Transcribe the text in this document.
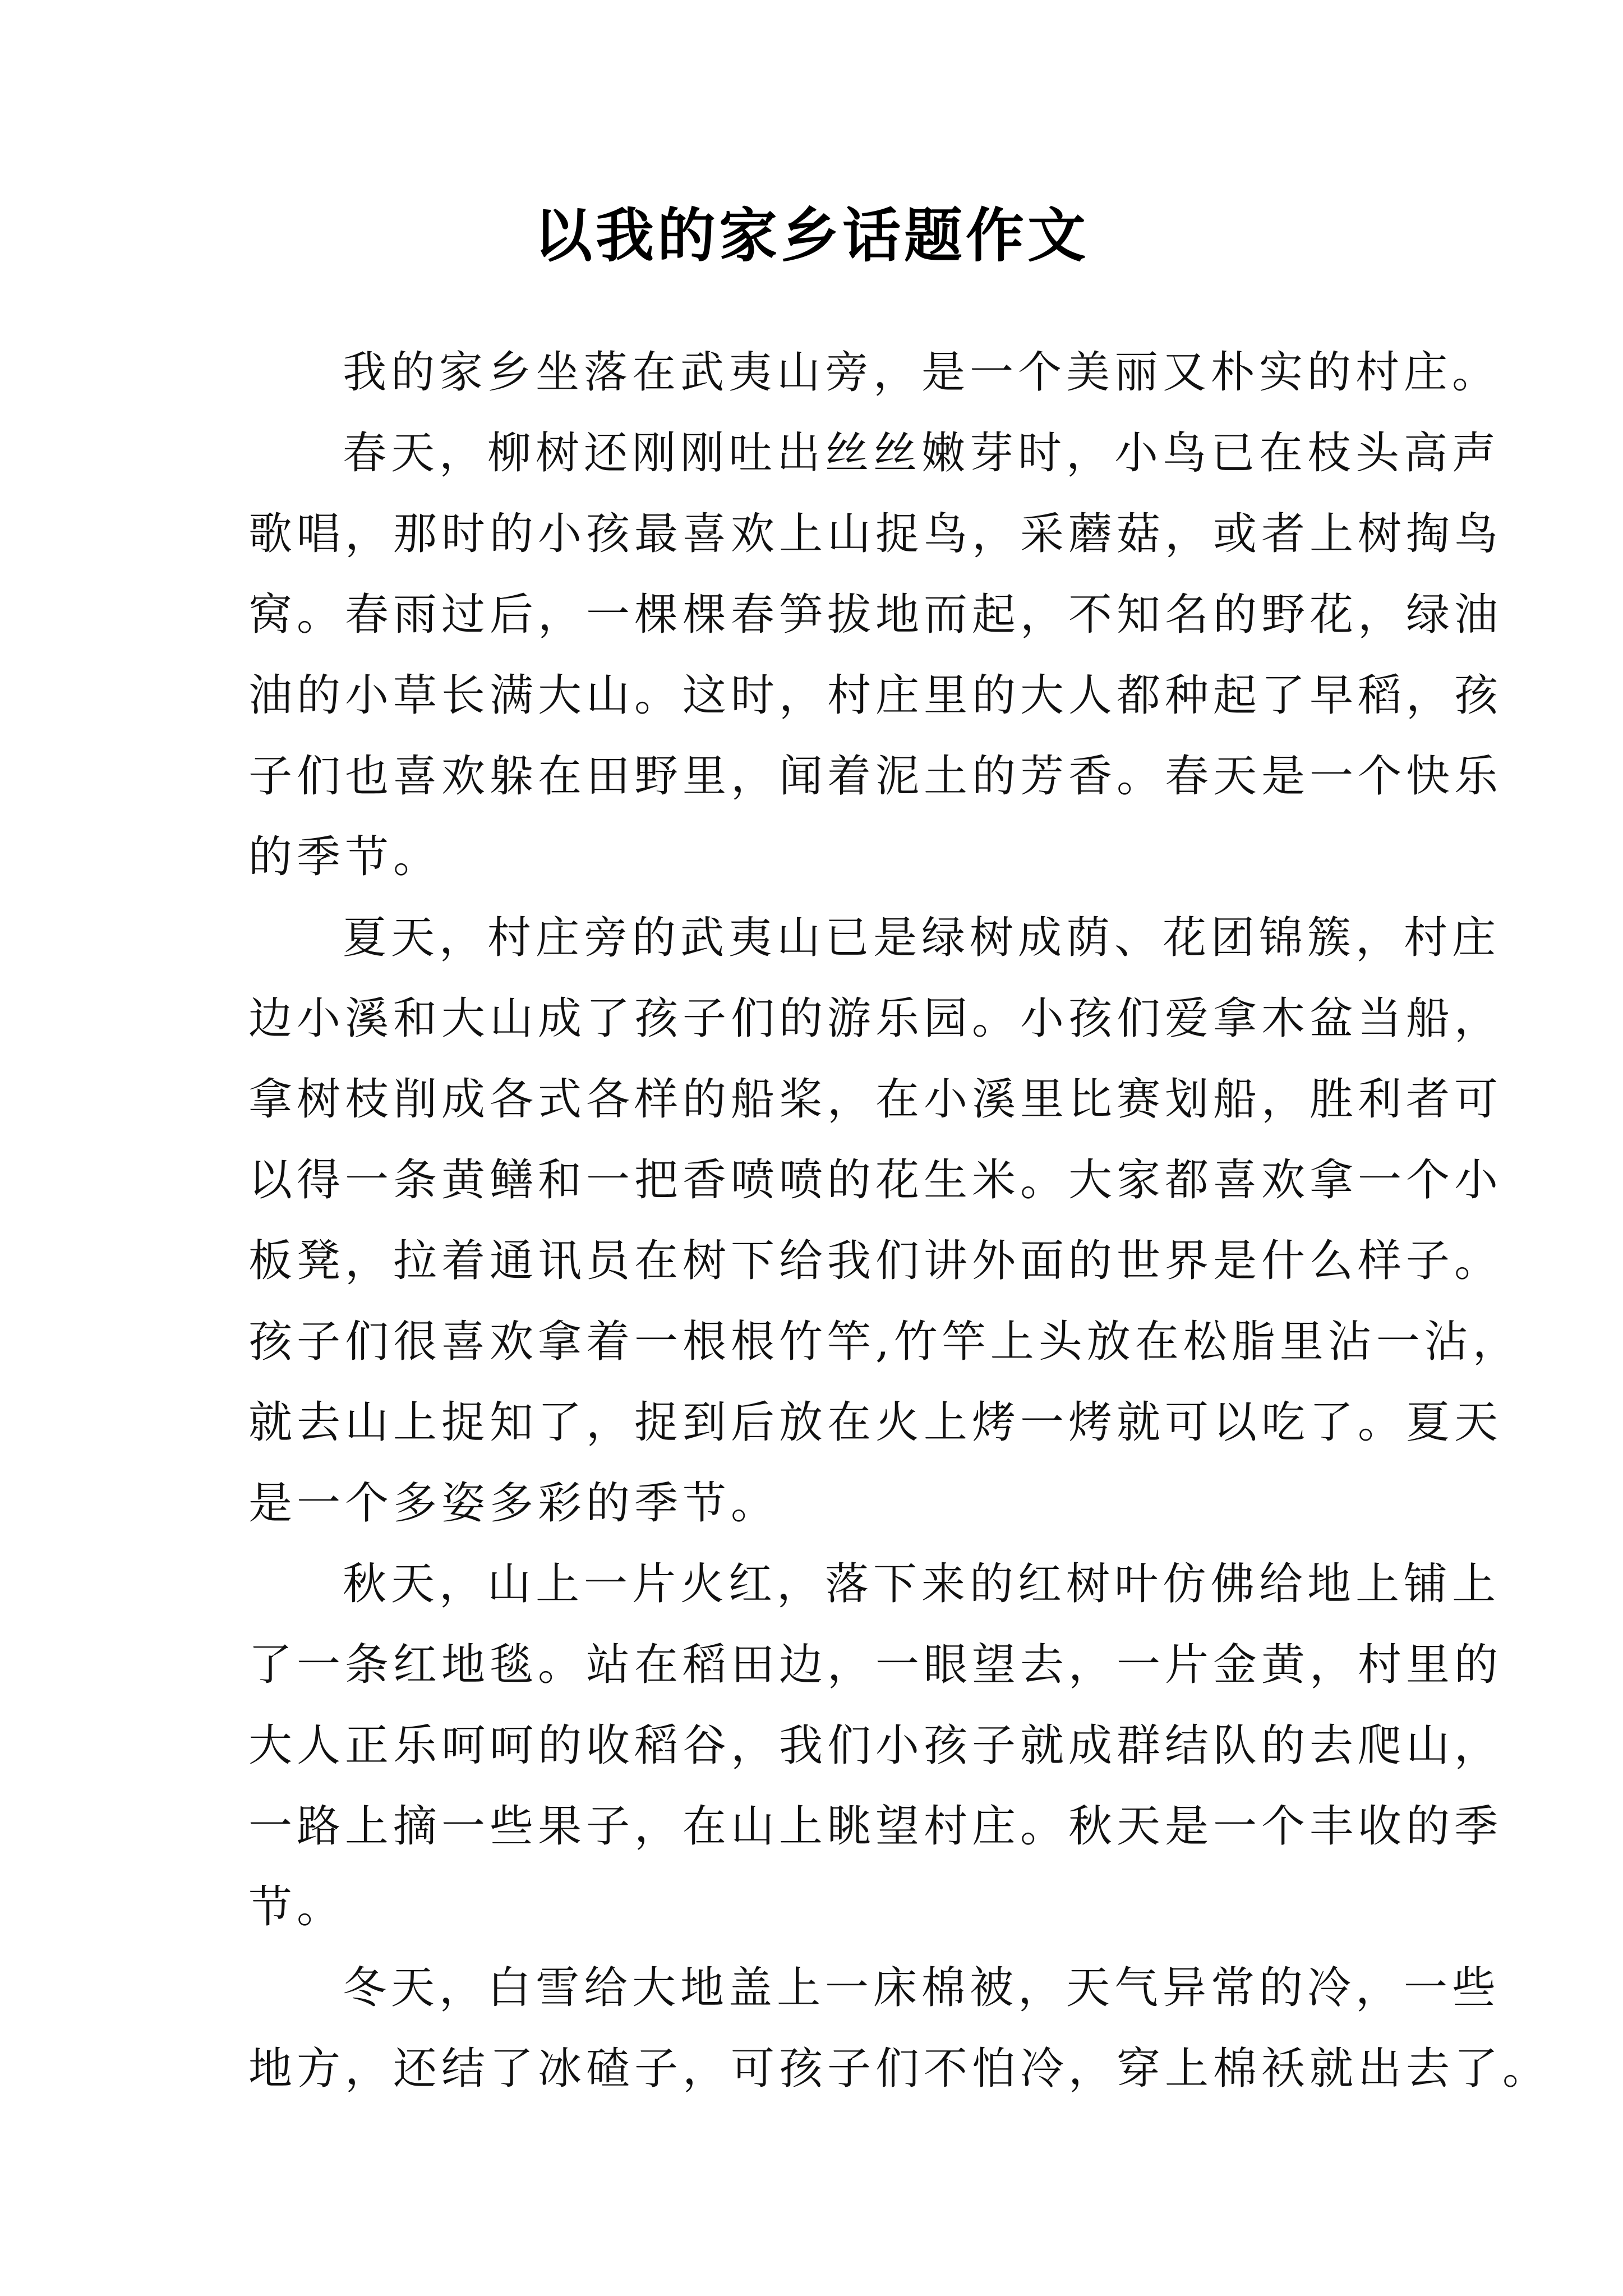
以我的家乡话题作文
我的家乡坐落在武夷山旁，是一个美丽又朴实的村庄。
春天，柳树还刚刚吐出丝丝嫩芽时，小鸟已在枝头高声
歌唱，那时的小孩最喜欢上山捉鸟，采蘑菇，或者上树掏鸟
窝。春雨过后，一棵棵春笋拔地而起，不知名的野花，绿油
油的小草长满大山。这时，村庄里的大人都种起了早稻，孩
子们也喜欢躲在田野里，闻着泥土的芳香。春天是一个快乐
的季节。
夏天，村庄旁的武夷山已是绿树成荫、花团锦簇，村庄
边小溪和大山成了孩子们的游乐园。小孩们爱拿木盆当船，
拿树枝削成各式各样的船桨，在小溪里比赛划船，胜利者可
以得一条黄鳝和一把香喷喷的花生米。大家都喜欢拿一个小
板凳，拉着通讯员在树下给我们讲外面的世界是什么样子。
孩子们很喜欢拿着一根根竹竿,竹竿上头放在松脂里沾一沾，
就去山上捉知了，捉到后放在火上烤一烤就可以吃了。夏天
是一个多姿多彩的季节。
秋天，山上一片火红，落下来的红树叶仿佛给地上铺上
了一条红地毯。站在稻田边，一眼望去，一片金黄，村里的
大人正乐呵呵的收稻谷，我们小孩子就成群结队的去爬山，
一路上摘一些果子，在山上眺望村庄。秋天是一个丰收的季
节。
冬天，白雪给大地盖上一床棉被，天气异常的冷，一些
地方，还结了冰碴子，可孩子们不怕冷，穿上棉袄就出去了。
